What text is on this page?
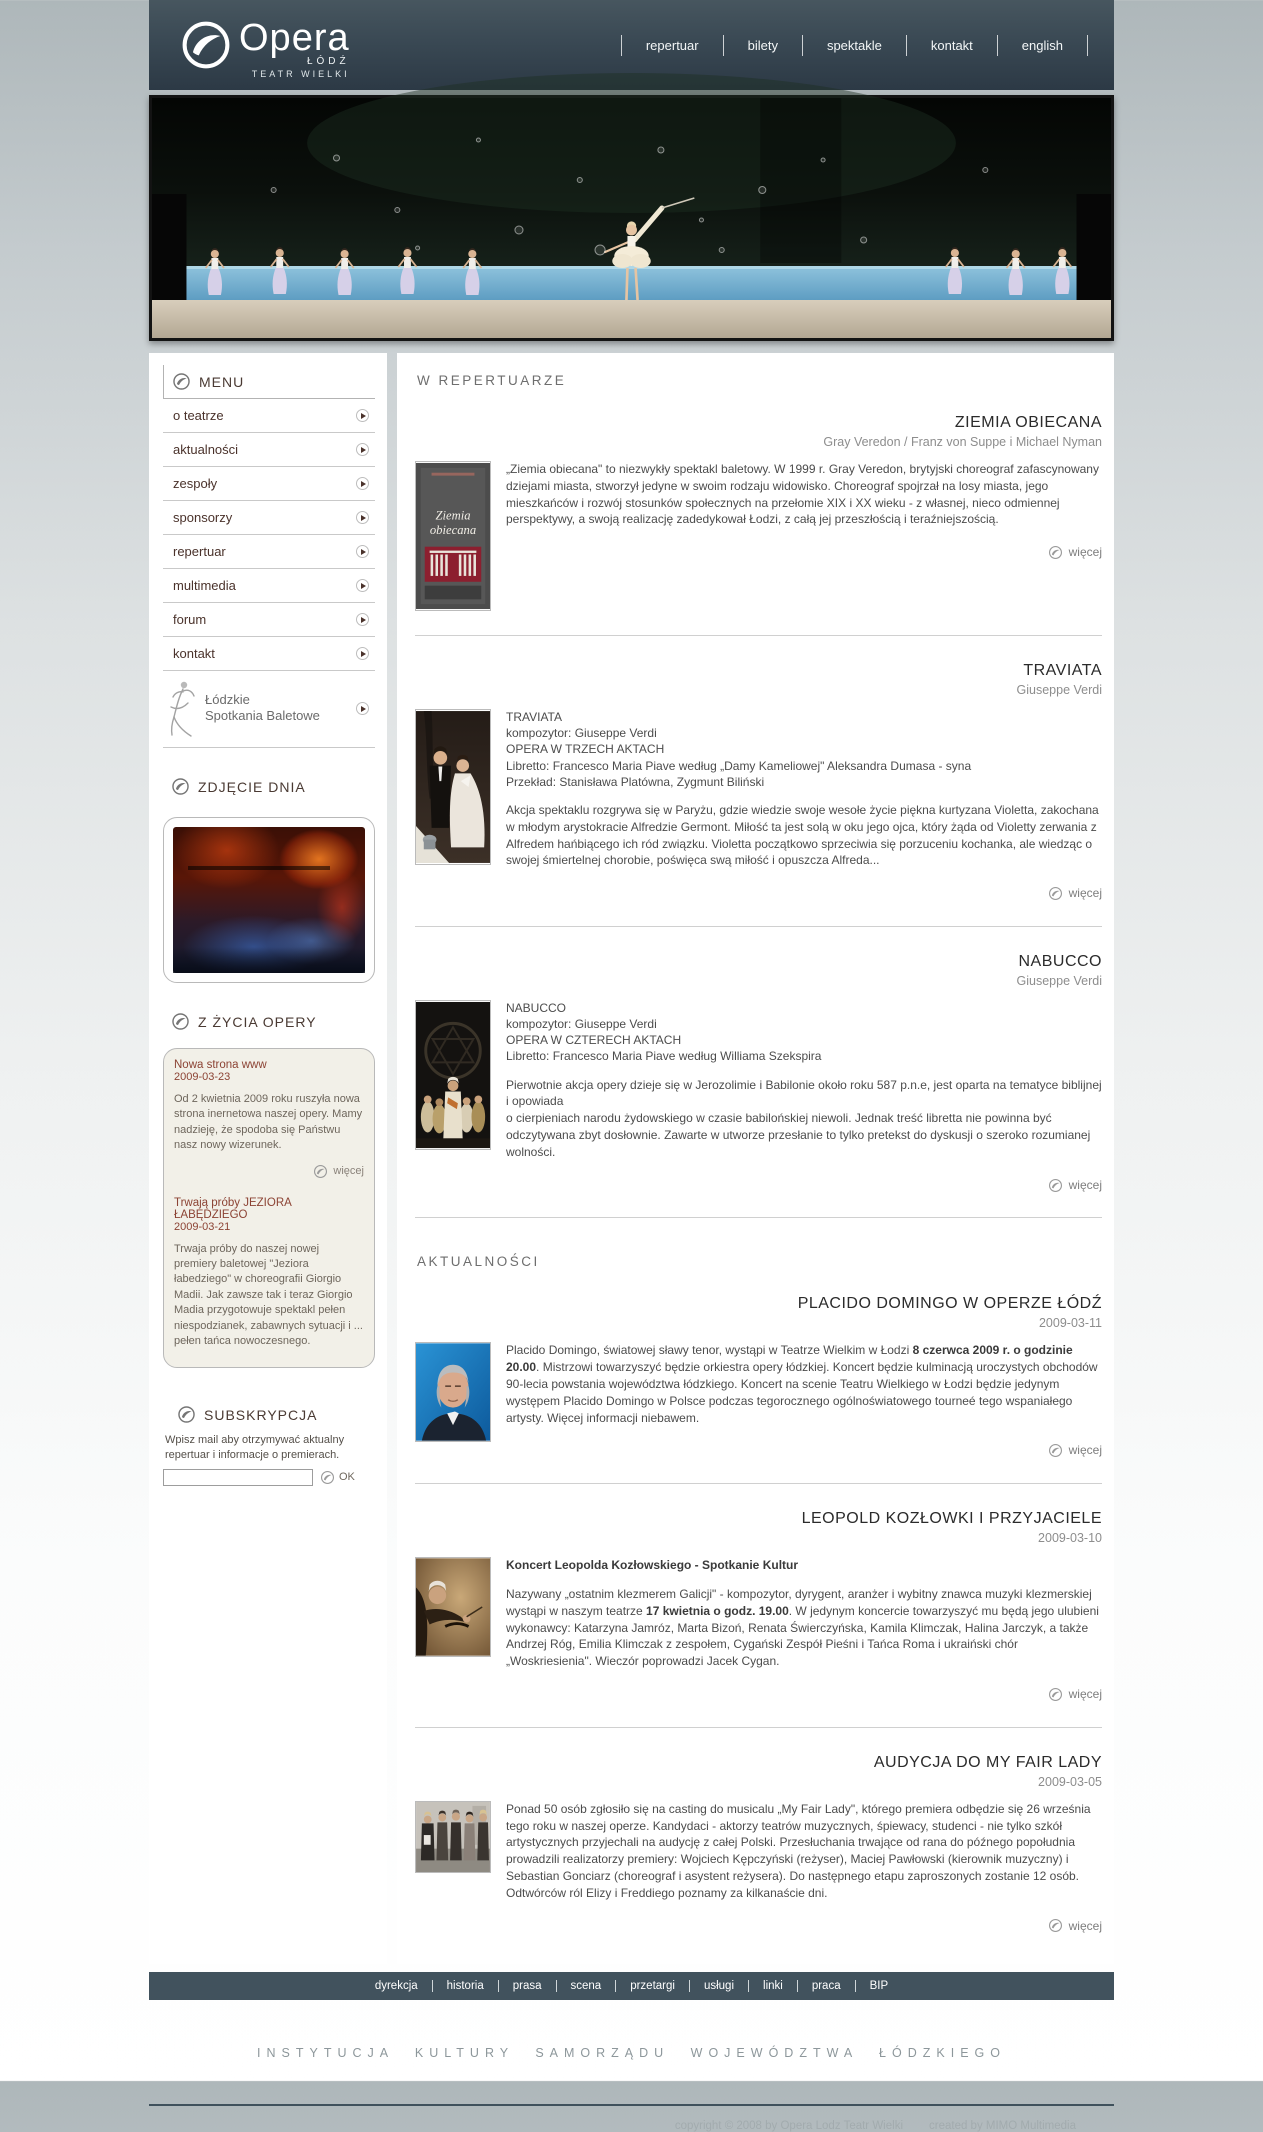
Opera
ŁÓDŹ
TEATR WIELKI
repertuar	bilety	spektakle	kontakt	english
MENU
o teatrze
aktualności
zespoły
sponsorzy
repertuar
multimedia
forum
kontakt
Łódzkie
Spotkania Baletowe
ZDJĘCIE DNIA
Z ŻYCIA OPERY
Nowa strona www
2009-03-23
Od 2 kwietnia 2009 roku ruszyła nowa strona inernetowa naszej opery. Mamy nadzieję, że spodoba się Państwu nasz nowy wizerunek.
więcej
Trwają próby JEZIORA ŁABĘDZIEGO
2009-03-21
Trwaja próby do naszej nowej premiery baletowej "Jeziora łabedziego" w choreografii Giorgio Madii. Jak zawsze tak i teraz Giorgio Madia przygotowuje spektakl pełen niespodzianek, zabawnych sytuacji i ... pełen tańca nowoczesnego.
SUBSKRYPCJA
Wpisz mail aby otrzymywać aktualny
repertuar i informacje o premierach.
OK
W REPERTUARZE
ZIEMIA OBIECANA
Gray Veredon / Franz von Suppe i Michael Nyman
Ziemia
obiecana

„Ziemia obiecana" to niezwykły spektakl baletowy. W 1999 r. Gray Veredon, brytyjski choreograf zafascynowany dziejami miasta, stworzył jedyne w swoim rodzaju widowisko. Choreograf spojrzał na losy miasta, jego mieszkańców i rozwój stosunków społecznych na przełomie XIX i XX wieku - z własnej, nieco odmiennej perspektywy, a swoją realizację zadedykował Łodzi, z całą jej przeszłością i teraźniejszością.

więcej
TRAVIATA
Giuseppe Verdi
TRAVIATA
kompozytor: Giuseppe Verdi
OPERA W TRZECH AKTACH
Libretto: Francesco Maria Piave według „Damy Kameliowej" Aleksandra Dumasa - syna
Przekład: Stanisława Platówna, Zygmunt Biliński

Akcja spektaklu rozgrywa się w Paryżu, gdzie wiedzie swoje wesołe życie piękna kurtyzana Violetta, zakochana w młodym arystokracie Alfredzie Germont. Miłość ta jest solą w oku jego ojca, który żąda od Violetty zerwania z Alfredem hańbiącego ich ród związku. Violetta początkowo sprzeciwia się porzuceniu kochanka, ale wiedząc o swojej śmiertelnej chorobie, poświęca swą miłość i opuszcza Alfreda...

więcej
NABUCCO
Giuseppe Verdi
NABUCCO
kompozytor: Giuseppe Verdi
OPERA W CZTERECH AKTACH
Libretto: Francesco Maria Piave według Williama Szekspira

Pierwotnie akcja opery dzieje się w Jerozolimie i Babilonie około roku 587 p.n.e, jest oparta na tematyce biblijnej i opowiada

o cierpieniach narodu żydowskiego w czasie babilońskiej niewoli. Jednak treść libretta nie powinna być odczytywana zbyt dosłownie. Zawarte w utworze przesłanie to tylko pretekst do dyskusji o szeroko rozumianej wolności.

więcej
AKTUALNOŚCI
PLACIDO DOMINGO W OPERZE ŁÓDŹ
2009-03-11

Placido Domingo, światowej sławy tenor, wystąpi w Teatrze Wielkim w Łodzi 8 czerwca 2009 r. o godzinie 20.00. Mistrzowi towarzyszyć będzie orkiestra opery łódzkiej. Koncert będzie kulminacją uroczystych obchodów 90-lecia powstania województwa łódzkiego. Koncert na scenie Teatru Wielkiego w Łodzi będzie jedynym występem Placido Domingo w Polsce podczas tegorocznego ogólnoświatowego tourneé tego wspaniałego artysty. Więcej informacji niebawem.

więcej
LEOPOLD KOZŁOWKI I PRZYJACIELE
2009-03-10
Koncert Leopolda Kozłowskiego - Spotkanie Kultur

Nazywany „ostatnim klezmerem Galicji" - kompozytor, dyrygent, aranżer i wybitny znawca muzyki klezmerskiej wystąpi w naszym teatrze 17 kwietnia o godz. 19.00. W jedynym koncercie towarzyszyć mu będą jego ulubieni wykonawcy: Katarzyna Jamróz, Marta Bizoń, Renata Świerczyńska, Kamila Klimczak, Halina Jarczyk, a także Andrzej Róg, Emilia Klimczak z zespołem, Cygański Zespół Pieśni i Tańca Roma i ukraiński chór „Woskriesienia". Wieczór poprowadzi Jacek Cygan.

więcej
AUDYCJA DO MY FAIR LADY
2009-03-05

Ponad 50 osób zgłosiło się na casting do musicalu „My Fair Lady", którego premiera odbędzie się 26 września tego roku w naszej operze. Kandydaci - aktorzy teatrów muzycznych, śpiewacy, studenci - nie tylko szkół artystycznych przyjechali na audycję z całej Polski. Przesłuchania trwające od rana do późnego popołudnia prowadzili realizatorzy premiery: Wojciech Kępczyński (reżyser), Maciej Pawłowski (kierownik muzyczny) i Sebastian Gonciarz (choreograf i asystent reżysera). Do następnego etapu zaproszonych zostanie 12 osób. Odtwórców ról Elizy i Freddiego poznamy za kilkanaście dni.

więcej
dyrekcja	historia	prasa	scena	przetargi	usługi	linki	praca	BIP
INSTYTUCJA KULTURY SAMORZĄDU WOJEWÓDZTWA ŁÓDZKIEGO
copyright © 2008 by Opera Lodz Teatr Wielki created by MIMO Multimedia
